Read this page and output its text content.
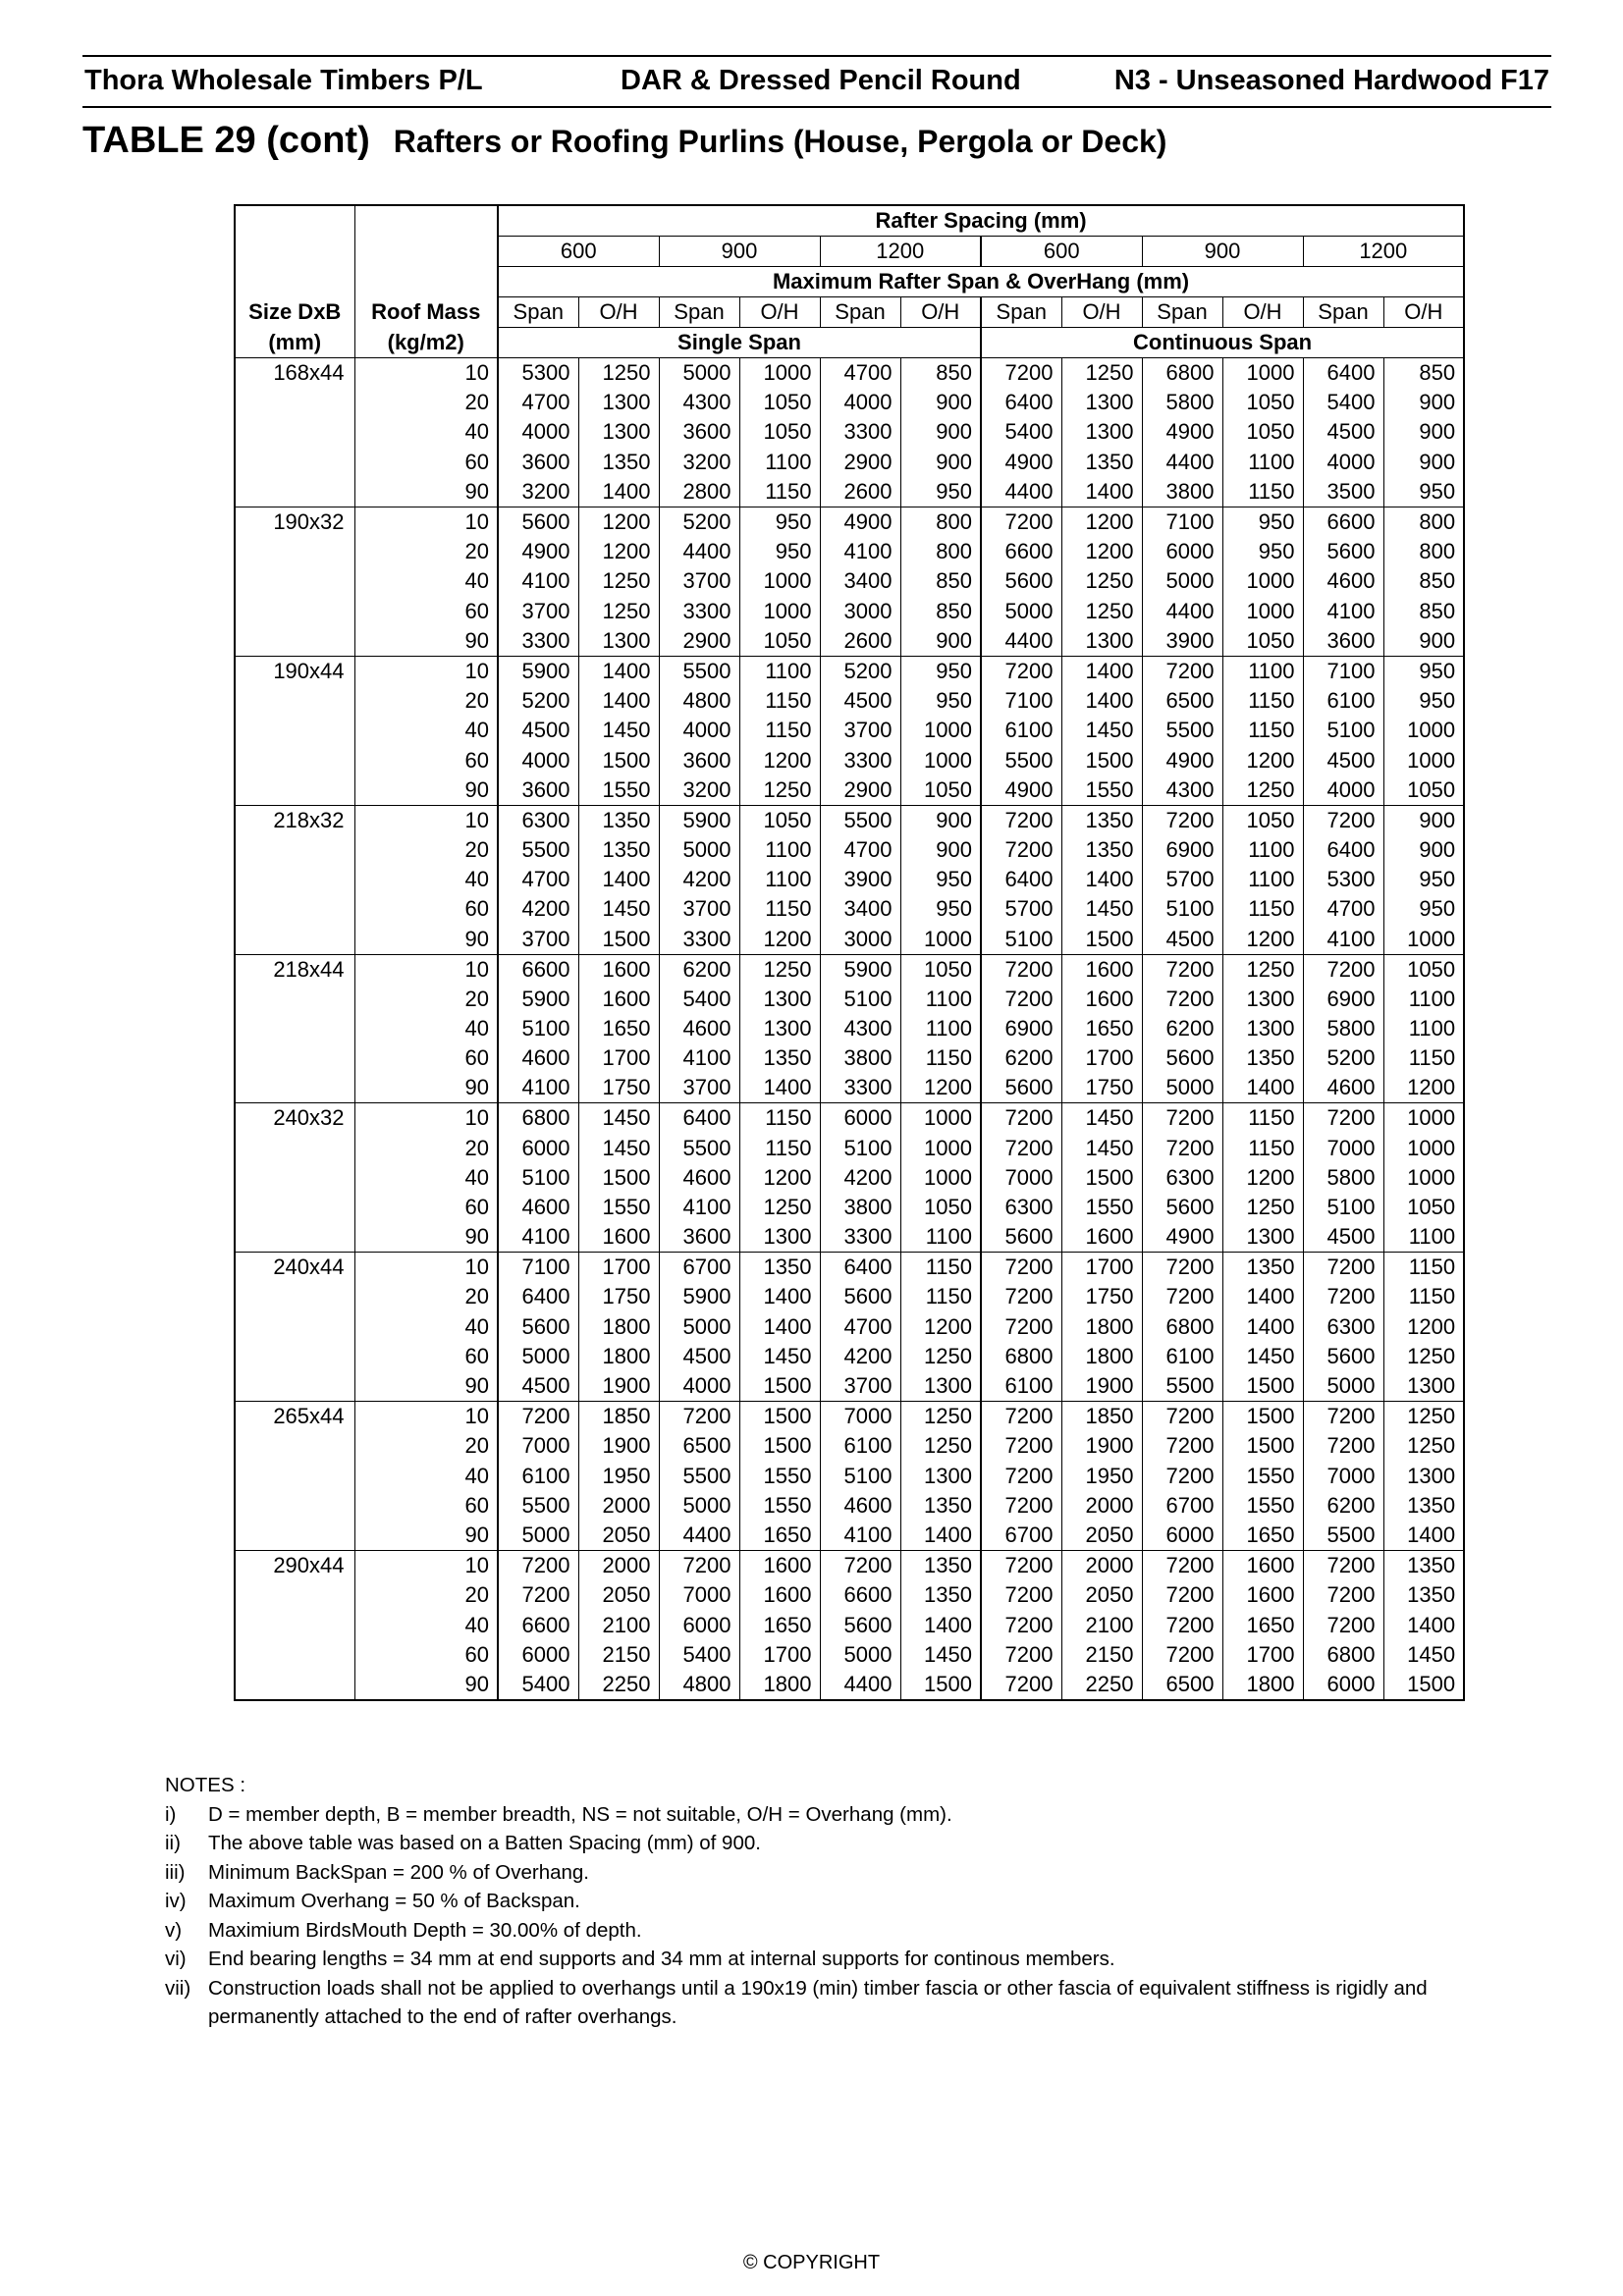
Thora Wholesale Timbers P/L	DAR & Dressed Pencil Round	N3 - Unseasoned Hardwood F17
TABLE 29 (cont) Rafters or Roofing Purlins (House, Pergola or Deck)
		Rafter Spacing (mm)											
		600		900		1200		600		900		1200	
		Maximum Rafter Span & OverHang (mm)											
Size DxB	Roof Mass	Span	O/H	Span	O/H	Span	O/H	Span	O/H	Span	O/H	Span	O/H
(mm)	(kg/m2)	Single Span						Continuous Span					
168x44	10	5300	1250	5000	1000	4700	850	7200	1250	6800	1000	6400	850
	20	4700	1300	4300	1050	4000	900	6400	1300	5800	1050	5400	900
	40	4000	1300	3600	1050	3300	900	5400	1300	4900	1050	4500	900
	60	3600	1350	3200	1100	2900	900	4900	1350	4400	1100	4000	900
	90	3200	1400	2800	1150	2600	950	4400	1400	3800	1150	3500	950
190x32	10	5600	1200	5200	950	4900	800	7200	1200	7100	950	6600	800
	20	4900	1200	4400	950	4100	800	6600	1200	6000	950	5600	800
	40	4100	1250	3700	1000	3400	850	5600	1250	5000	1000	4600	850
	60	3700	1250	3300	1000	3000	850	5000	1250	4400	1000	4100	850
	90	3300	1300	2900	1050	2600	900	4400	1300	3900	1050	3600	900
190x44	10	5900	1400	5500	1100	5200	950	7200	1400	7200	1100	7100	950
	20	5200	1400	4800	1150	4500	950	7100	1400	6500	1150	6100	950
	40	4500	1450	4000	1150	3700	1000	6100	1450	5500	1150	5100	1000
	60	4000	1500	3600	1200	3300	1000	5500	1500	4900	1200	4500	1000
	90	3600	1550	3200	1250	2900	1050	4900	1550	4300	1250	4000	1050
218x32	10	6300	1350	5900	1050	5500	900	7200	1350	7200	1050	7200	900
	20	5500	1350	5000	1100	4700	900	7200	1350	6900	1100	6400	900
	40	4700	1400	4200	1100	3900	950	6400	1400	5700	1100	5300	950
	60	4200	1450	3700	1150	3400	950	5700	1450	5100	1150	4700	950
	90	3700	1500	3300	1200	3000	1000	5100	1500	4500	1200	4100	1000
218x44	10	6600	1600	6200	1250	5900	1050	7200	1600	7200	1250	7200	1050
	20	5900	1600	5400	1300	5100	1100	7200	1600	7200	1300	6900	1100
	40	5100	1650	4600	1300	4300	1100	6900	1650	6200	1300	5800	1100
	60	4600	1700	4100	1350	3800	1150	6200	1700	5600	1350	5200	1150
	90	4100	1750	3700	1400	3300	1200	5600	1750	5000	1400	4600	1200
240x32	10	6800	1450	6400	1150	6000	1000	7200	1450	7200	1150	7200	1000
	20	6000	1450	5500	1150	5100	1000	7200	1450	7200	1150	7000	1000
	40	5100	1500	4600	1200	4200	1000	7000	1500	6300	1200	5800	1000
	60	4600	1550	4100	1250	3800	1050	6300	1550	5600	1250	5100	1050
	90	4100	1600	3600	1300	3300	1100	5600	1600	4900	1300	4500	1100
240x44	10	7100	1700	6700	1350	6400	1150	7200	1700	7200	1350	7200	1150
	20	6400	1750	5900	1400	5600	1150	7200	1750	7200	1400	7200	1150
	40	5600	1800	5000	1400	4700	1200	7200	1800	6800	1400	6300	1200
	60	5000	1800	4500	1450	4200	1250	6800	1800	6100	1450	5600	1250
	90	4500	1900	4000	1500	3700	1300	6100	1900	5500	1500	5000	1300
265x44	10	7200	1850	7200	1500	7000	1250	7200	1850	7200	1500	7200	1250
	20	7000	1900	6500	1500	6100	1250	7200	1900	7200	1500	7200	1250
	40	6100	1950	5500	1550	5100	1300	7200	1950	7200	1550	7000	1300
	60	5500	2000	5000	1550	4600	1350	7200	2000	6700	1550	6200	1350
	90	5000	2050	4400	1650	4100	1400	6700	2050	6000	1650	5500	1400
290x44	10	7200	2000	7200	1600	7200	1350	7200	2000	7200	1600	7200	1350
	20	7200	2050	7000	1600	6600	1350	7200	2050	7200	1600	7200	1350
	40	6600	2100	6000	1650	5600	1400	7200	2100	7200	1650	7200	1400
	60	6000	2150	5400	1700	5000	1450	7200	2150	7200	1700	6800	1450
	90	5400	2250	4800	1800	4400	1500	7200	2250	6500	1800	6000	1500
NOTES :
i)	D = member depth, B = member breadth, NS = not suitable, O/H = Overhang (mm).
ii)	The above table was based on a Batten Spacing (mm) of 900.
iii)	Minimum BackSpan = 200 % of Overhang.
iv)	Maximum Overhang = 50 % of Backspan.
v)	Maximium BirdsMouth Depth = 30.00% of depth.
vi)	End bearing lengths = 34 mm at end supports and 34 mm at internal supports for continous members.
vii) Construction loads shall not be applied to overhangs until a 190x19 (min) timber fascia or other fascia of equivalent stiffness is rigidly and permanently attached to the end of rafter overhangs.
© COPYRIGHT
